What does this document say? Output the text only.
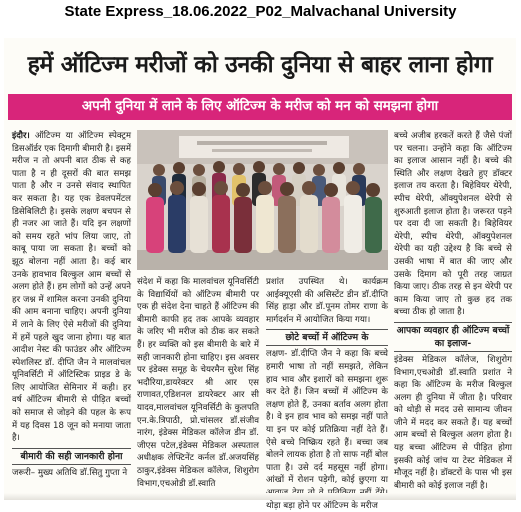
State Express_18.06.2022_P02_Malvachanal University
हमें ऑटिज्म मरीजों को उनकी दुनिया से बाहर लाना होगा
अपनी दुनिया में लाने के लिए ऑटिज्म के मरीज को मन को समझना होगा

इंदौर। ऑटिज्म या ऑटिज्म स्पेक्ट्रम डिसऑर्डर एक दिमागी बीमारी है। इसमें मरीज न तो अपनी बात ठीक से कह पाता है न ही दूसरों की बात समझ पाता है और न उनसे संवाद स्थापित कर सकता है। यह एक डेवलपमेंटल डिसेबिलिटी है। इसके लक्षण बचपन से ही नजर आ जाते हैं। यदि इन लक्षणों को समय रहते भांप लिया जाए, तो काबू पाया जा सकता है। बच्चों को झूठ बोलना नहीं आता है। कई बार उनके हावभाव बिल्कुल आम बच्चों से अलग होते हैं। हम लोगों को उन्हें अपने हर जश्न में शामिल करना उनकी दुनिया की आम बनाना चाहिए। अपनी दुनिया में लाने के लिए ऐसे मरीजों की दुनिया में हमें पहले खुद जाना होगा। यह बात आदीश नेस्ट की फाउंडर और ऑटिज्म स्पेशलिस्ट डॉ. दीप्ति जैन ने मालवांचल यूनिवर्सिटी में ऑटिस्टिक प्राइड डे के लिए आयोजित सेमिनार में कही। हर वर्ष ऑटिज्म बीमारी से पीड़ित बच्चों को समाज से जोड़ने की पहल के रूप में यह दिवस 18 जून को मनाया जाता है।

बीमारी की सही जानकारी होना

जरूरी– मुख्य अतिथि डॉ.सितु गुप्ता ने

संदेश में कहा कि मालवांचल यूनिवर्सिटी के विद्यार्थियों को ऑटिज्म बीमारी पर एक ही संदेश देना चाहते हैं ऑटिज्म की बीमारी काफी हद तक आपके व्यवहार के जरिए भी मरीज को ठीक कर सकते हैं। हर व्यक्ति को इस बीमारी के बारे में सही जानकारी होना चाहिए। इस अवसर पर इंडेक्स समूह के चेयरमैन सुरेश सिंह भदौरिया,डायरेक्टर श्री आर एस राणावत,एडिशनल डायरेक्टर आर सी यादव,मालवांचल यूनिवर्सिटी के कुलपति एन.के.त्रिपाठी, प्रो.चांसलर डॉ.संजीव नारंग, इंडेक्स मेडिकल कॉलेज डीन डॉ. जीएस पटेल,इंडेक्स मेडिकल अस्पताल अधीक्षक लेफ्टिनेंट कर्नल डॉ.अजयसिंह ठाकुर,इंडेक्स मेडिकल कॉलेज, शिशुरोग विभाग,एचओडी डॉ.स्वाति

प्रशांत उपस्थित थे। कार्यक्रम आईक्यूएसी की असिस्टेंट डीन डॉ.दीप्ति सिंह हाड़ा और डॉ.पूनम तोमर राणा के मार्गदर्शन में आयोजित किया गया।

छोटे बच्चों में ऑटिज्म के

लक्षण- डॉ.दीप्ति जैन ने कहा कि बच्चे हमारी भाषा तो नहीं समझते, लेकिन हाव भाव और इशारों को समझना शुरू कर देते हैं। जिन बच्चों में ऑटिज्म के लक्षण होते हैं, उनका बर्ताव अलग होता है। वे इन हाव भाव को समझ नहीं पाते या इन पर कोई प्रतिक्रिया नहीं देते हैं। ऐसे बच्चे निष्क्रिय रहते हैं। बच्चा जब बोलने लायक होता है तो साफ नहीं बोल पाता है। उसे दर्द महसूस नहीं होगा। आंखों में रोशन पड़ेगी, कोई छुएगा या थोड़ा बड़ा होने पर ऑटिज्म के मरीज

बच्चे अजीब हरकतें करते हैं जैसे पंजों पर चलना। उन्होंने कहा कि ऑटिज्म का इलाज आसान नहीं है। बच्चे की स्थिति और लक्षण देखते हुए डॉक्टर इलाज तय करता है। बिहेवियर थेरेपी, स्पीच थेरेपी, ऑक्युपेशनल थेरेपी से शुरुआती इलाज होता है। जरूरत पड़ने पर दवा दी जा सकती है। बिहेवियर थेरेपी, स्पीच थेरेपी, ऑक्युपेशनल थेरेपी का यही उद्देश्य है कि बच्चे से उसकी भाषा में बात की जाए और उसके दिमाग को पूरी तरह जाग्रत किया जाए। ठीक तरह से इन थेरेपी पर काम किया जाए तो कुछ हद तक बच्चा ठीक हो जाता है।

आपका व्यवहार ही ऑटिज्म बच्चों का इलाज-

इंडेक्स मेडिकल कॉलेज, शिशुरोग विभाग,एचओडी डॉ.स्वाति प्रशांत ने कहा कि ऑटिज्म के मरीज बिल्कुल अलग ही दुनिया में जीता है। परिवार को थोड़ी से मदद उसे सामान्य जीवन जीने में मदद कर सकते हैं। यह बच्चों आम बच्चों से बिल्कुल अलग होता है। यह बच्चा ऑटिज्म से पीड़ित होगा इसकी कोई जांच या टेस्ट मेडिकल में मौजूद नहीं है। डॉक्टरों के पास भी इस बीमारी को कोई इलाज नहीं है।
